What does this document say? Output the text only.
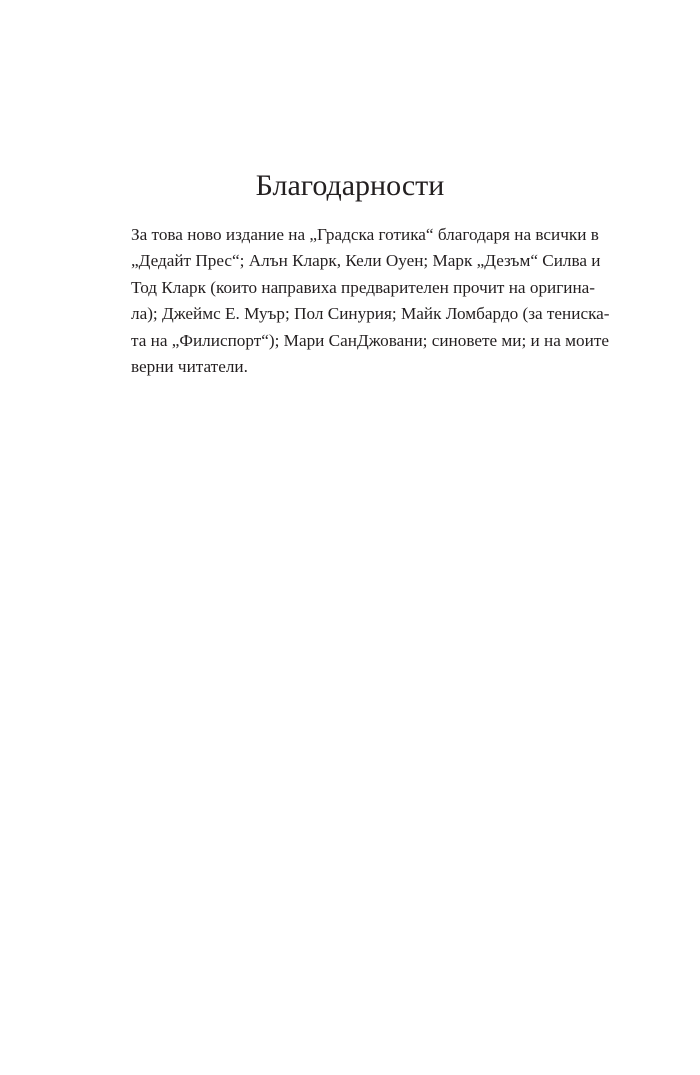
Благодарности

За това ново издание на „Градска готика“ благодаря на всички в
„Дедайт Прес“; Алън Кларк, Кели Оуен; Марк „Дезъм“ Силва и
Тод Кларк (които направиха предварителен прочит на оригина-
ла); Джеймс Е. Муър; Пол Синурия; Майк Ломбардо (за тениска-
та на „Филиспорт“); Мари СанДжовани; синовете ми; и на моите
верни читатели.
